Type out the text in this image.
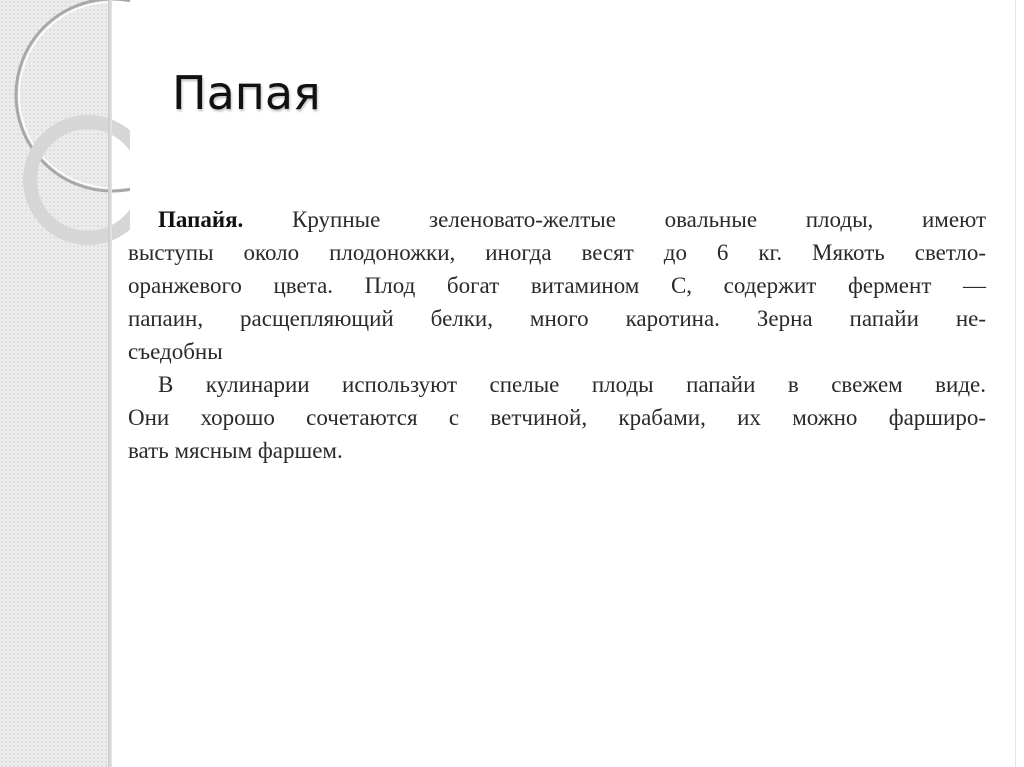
Папая
Папайя. Крупные зеленовато-желтые овальные плоды, имеют
выступы около плодоножки, иногда весят до 6 кг. Мякоть светло-
оранжевого цвета. Плод богат витамином С, содержит фермент —
папаин, расщепляющий белки, много каротина. Зерна папайи не-
съедобны
В кулинарии используют спелые плоды папайи в свежем виде.
Они хорошо сочетаются с ветчиной, крабами, их можно фарширо-
вать мясным фаршем.
